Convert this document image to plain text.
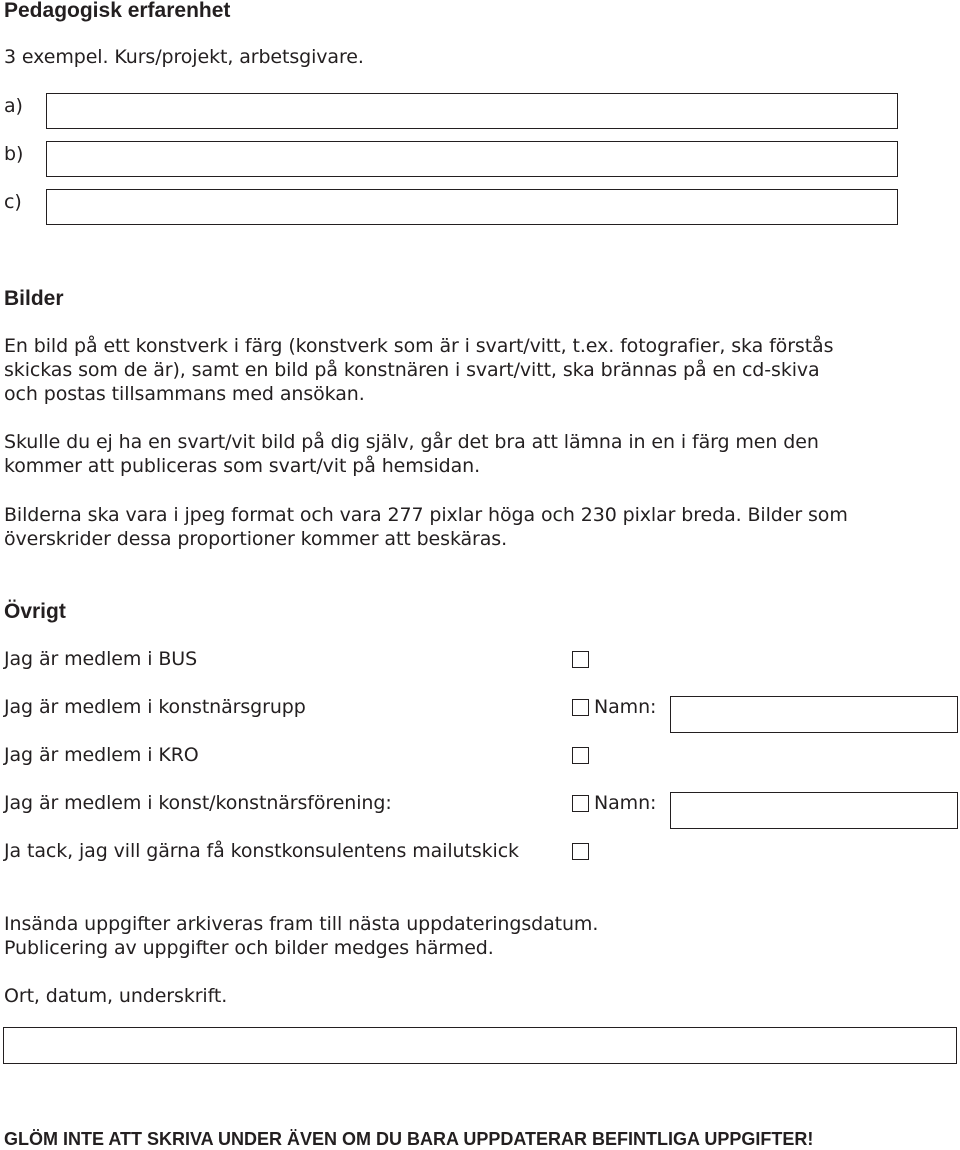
Pedagogisk erfarenhet
3 exempel. Kurs/projekt, arbetsgivare.
a)
b)
c)
Bilder
En bild på ett konstverk i färg (konstverk som är i svart/vitt, t.ex. fotografier, ska förstås
skickas som de är), samt en bild på konstnären i svart/vitt, ska brännas på en cd-skiva
och postas tillsammans med ansökan.
Skulle du ej ha en svart/vit bild på dig själv, går det bra att lämna in en i färg men den
kommer att publiceras som svart/vit på hemsidan.
Bilderna ska vara i jpeg format och vara 277 pixlar höga och 230 pixlar breda. Bilder som
överskrider dessa proportioner kommer att beskäras.
Övrigt
Jag är medlem i BUS
Jag är medlem i konstnärsgrupp	Namn:
Jag är medlem i KRO
Jag är medlem i konst/konstnärsförening:	Namn:
Ja tack, jag vill gärna få konstkonsulentens mailutskick
Insända uppgifter arkiveras fram till nästa uppdateringsdatum.
Publicering av uppgifter och bilder medges härmed.
Ort, datum, underskrift.
GLÖM INTE ATT SKRIVA UNDER ÄVEN OM DU BARA UPPDATERAR BEFINTLIGA UPPGIFTER!
